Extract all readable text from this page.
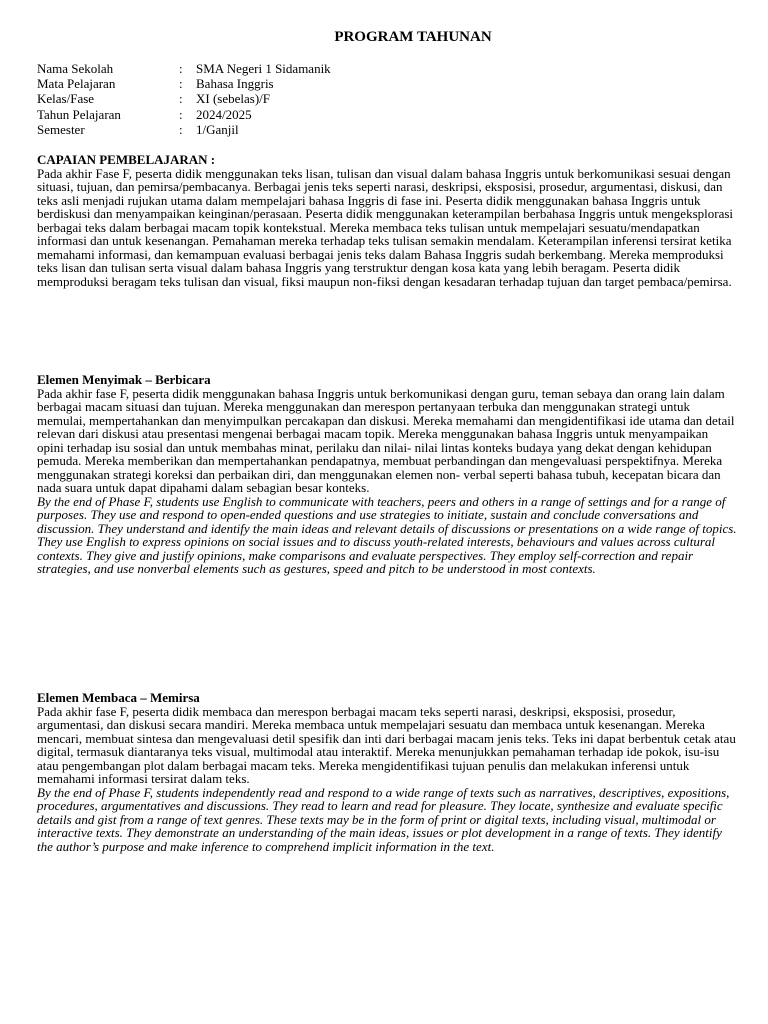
PROGRAM TAHUNAN
Nama Sekolah	:	SMA Negeri 1 Sidamanik
Mata Pelajaran	:	Bahasa Inggris
Kelas/Fase	:	XI (sebelas)/F
Tahun Pelajaran	:	2024/2025
Semester	:	1/Ganjil
CAPAIAN PEMBELAJARAN :

Pada akhir Fase F, peserta didik menggunakan teks lisan, tulisan dan visual dalam bahasa Inggris untuk berkomunikasi sesuai dengan situasi, tujuan, dan pemirsa/pembacanya. Berbagai jenis teks seperti narasi, deskripsi, eksposisi, prosedur, argumentasi, diskusi, dan teks asli menjadi rujukan utama dalam mempelajari bahasa Inggris di fase ini. Peserta didik menggunakan bahasa Inggris untuk berdiskusi dan menyampaikan keinginan/perasaan. Peserta didik menggunakan keterampilan berbahasa Inggris untuk mengeksplorasi berbagai teks dalam berbagai macam topik kontekstual. Mereka membaca teks tulisan untuk mempelajari sesuatu/mendapatkan informasi dan untuk kesenangan. Pemahaman mereka terhadap teks tulisan semakin mendalam. Keterampilan inferensi tersirat ketika memahami informasi, dan kemampuan evaluasi berbagai jenis teks dalam Bahasa Inggris sudah berkembang. Mereka memproduksi teks lisan dan tulisan serta visual dalam bahasa Inggris yang terstruktur dengan kosa kata yang lebih beragam. Peserta didik memproduksi beragam teks tulisan dan visual, fiksi maupun non-fiksi dengan kesadaran terhadap tujuan dan target pembaca/pemirsa.

Elemen Menyimak – Berbicara

Pada akhir fase F, peserta didik menggunakan bahasa Inggris untuk berkomunikasi dengan guru, teman sebaya dan orang lain dalam berbagai macam situasi dan tujuan. Mereka menggunakan dan merespon pertanyaan terbuka dan menggunakan strategi untuk memulai, mempertahankan dan menyimpulkan percakapan dan diskusi. Mereka memahami dan mengidentifikasi ide utama dan detail relevan dari diskusi atau presentasi mengenai berbagai macam topik. Mereka menggunakan bahasa Inggris untuk menyampaikan opini terhadap isu sosial dan untuk membahas minat, perilaku dan nilai- nilai lintas konteks budaya yang dekat dengan kehidupan pemuda. Mereka memberikan dan mempertahankan pendapatnya, membuat perbandingan dan mengevaluasi perspektifnya. Mereka menggunakan strategi koreksi dan perbaikan diri, dan menggunakan elemen non- verbal seperti bahasa tubuh, kecepatan bicara dan nada suara untuk dapat dipahami dalam sebagian besar konteks.

By the end of Phase F, students use English to communicate with teachers, peers and others in a range of settings and for a range of purposes. They use and respond to open-ended questions and use strategies to initiate, sustain and conclude conversations and discussion. They understand and identify the main ideas and relevant details of discussions or presentations on a wide range of topics. They use English to express opinions on social issues and to discuss youth-related interests, behaviours and values across cultural contexts. They give and justify opinions, make comparisons and evaluate perspectives. They employ self-correction and repair strategies, and use nonverbal elements such as gestures, speed and pitch to be understood in most contexts.

Elemen Membaca – Memirsa

Pada akhir fase F, peserta didik membaca dan merespon berbagai macam teks seperti narasi, deskripsi, eksposisi, prosedur, argumentasi, dan diskusi secara mandiri. Mereka membaca untuk mempelajari sesuatu dan membaca untuk kesenangan. Mereka mencari, membuat sintesa dan mengevaluasi detil spesifik dan inti dari berbagai macam jenis teks. Teks ini dapat berbentuk cetak atau digital, termasuk diantaranya teks visual, multimodal atau interaktif. Mereka menunjukkan pemahaman terhadap ide pokok, isu-isu atau pengembangan plot dalam berbagai macam teks. Mereka mengidentifikasi tujuan penulis dan melakukan inferensi untuk memahami informasi tersirat dalam teks.

By the end of Phase F, students independently read and respond to a wide range of texts such as narratives, descriptives, expositions, procedures, argumentatives and discussions. They read to learn and read for pleasure. They locate, synthesize and evaluate specific details and gist from a range of text genres. These texts may be in the form of print or digital texts, including visual, multimodal or interactive texts. They demonstrate an understanding of the main ideas, issues or plot development in a range of texts. They identify the author’s purpose and make inference to comprehend implicit information in the text.
